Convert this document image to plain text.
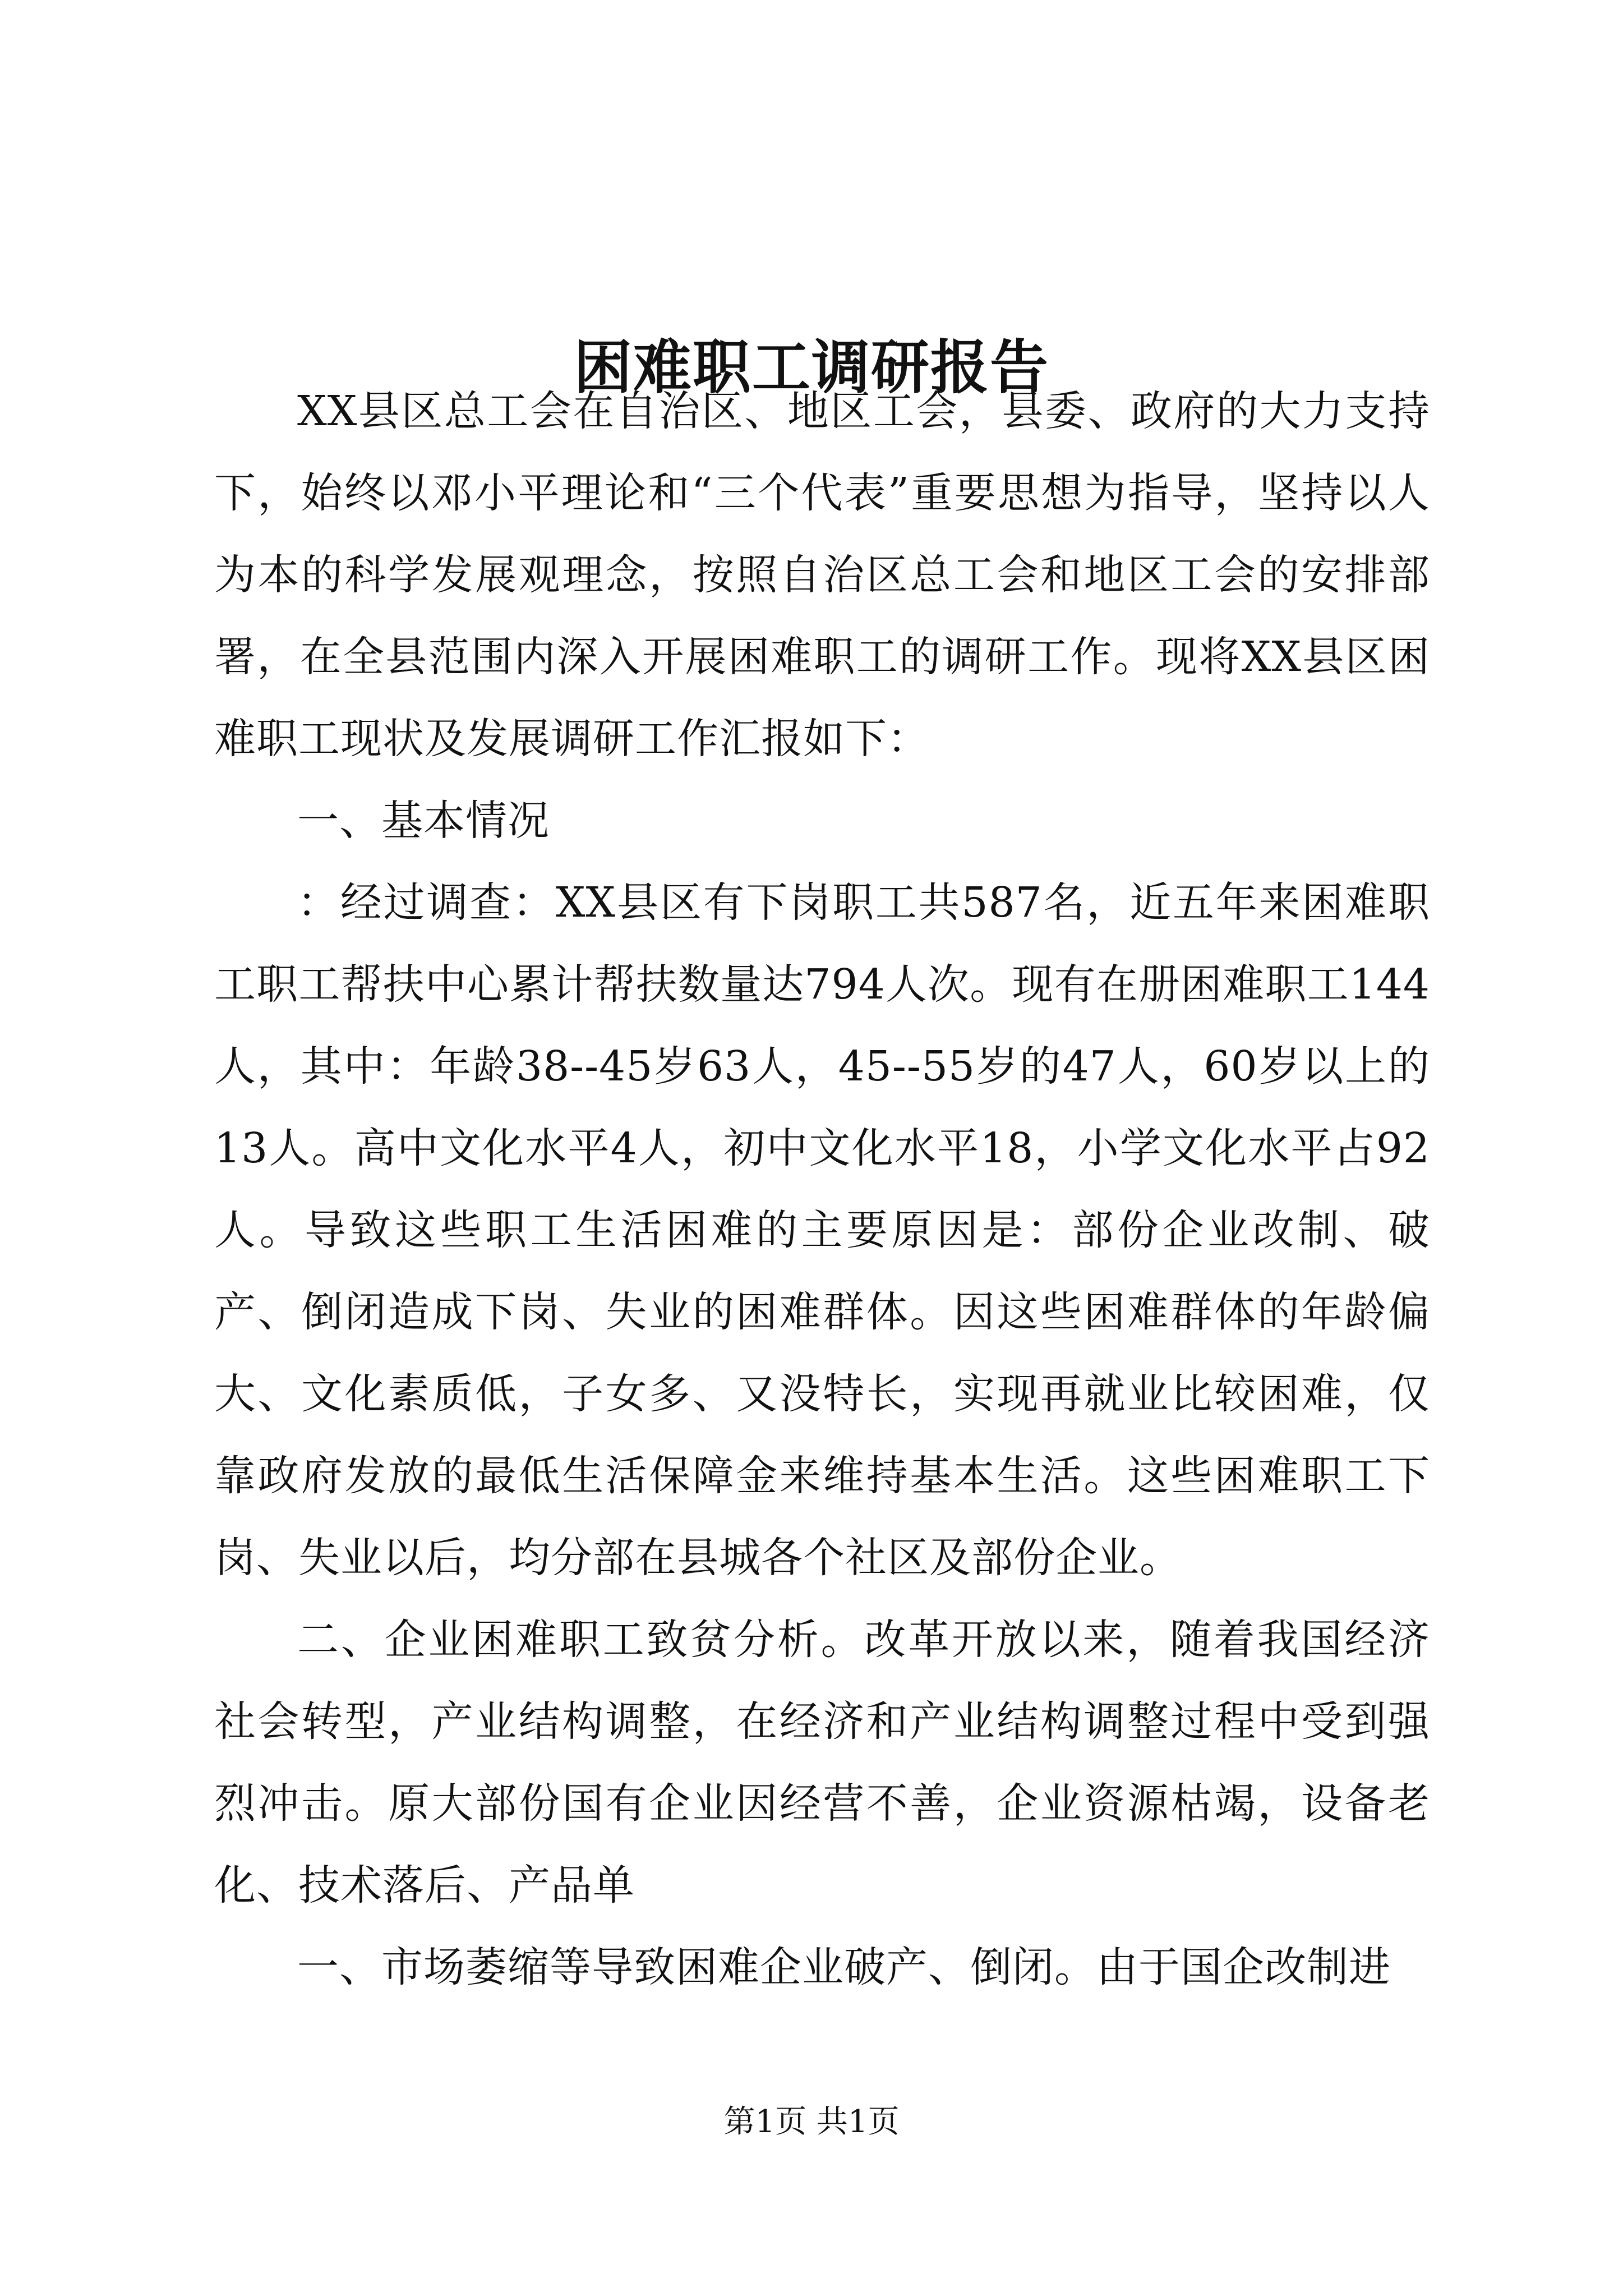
困难职工调研报告

XX县区总工会在自治区、地区工会，县委、政府的大力支持下，始终以邓小平理论和“三个代表”重要思想为指导，坚持以人为本的科学发展观理念，按照自治区总工会和地区工会的安排部署，在全县范围内深入开展困难职工的调研工作。现将XX县区困难职工现状及发展调研工作汇报如下：

一、基本情况

：经过调查：XX县区有下岗职工共587名，近五年来困难职工职工帮扶中心累计帮扶数量达794人次。现有在册困难职工144人，其中：年龄38--45岁63人，45--55岁的47人，60岁以上的13人。高中文化水平4人，初中文化水平18，小学文化水平占92人。导致这些职工生活困难的主要原因是：部份企业改制、破产、倒闭造成下岗、失业的困难群体。因这些困难群体的年龄偏大、文化素质低，子女多、又没特长，实现再就业比较困难，仅靠政府发放的最低生活保障金来维持基本生活。这些困难职工下岗、失业以后，均分部在县城各个社区及部份企业。

二、企业困难职工致贫分析。改革开放以来，随着我国经济社会转型，产业结构调整，在经济和产业结构调整过程中受到强烈冲击。原大部份国有企业因经营不善，企业资源枯竭，设备老化、技术落后、产品单

一、市场萎缩等导致困难企业破产、倒闭。由于国企改制进

第1页 共1页
